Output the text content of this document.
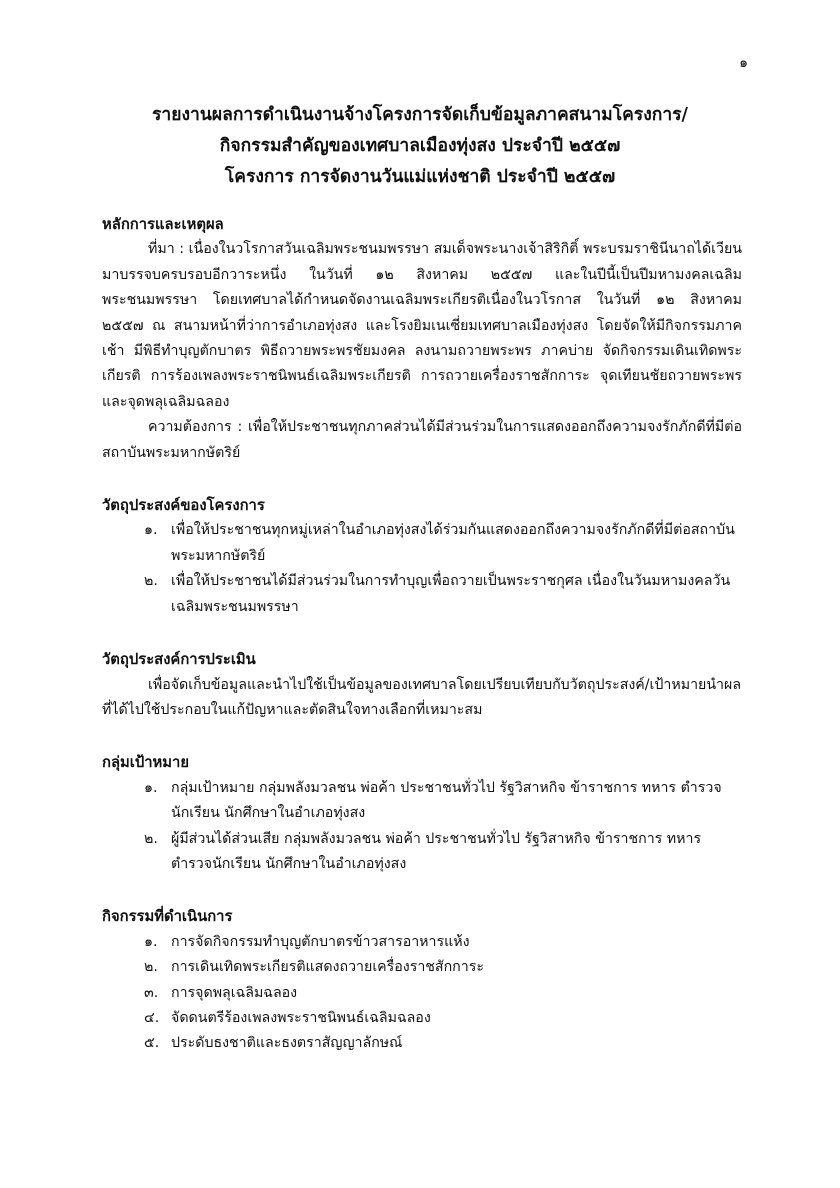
๑
รายงานผลการดำเนินงานจ้างโครงการจัดเก็บข้อมูลภาคสนามโครงการ/
กิจกรรมสำคัญของเทศบาลเมืองทุ่งสง ประจำปี ๒๕๕๗
โครงการ การจัดงานวันแม่แห่งชาติ ประจำปี ๒๕๕๗
หลักการและเหตุผล
ที่มา : เนื่องในวโรกาสวันเฉลิมพระชนมพรรษา สมเด็จพระนางเจ้าสิริกิติ์ พระบรมราชินีนาถได้เวียนมาบรรจบครบรอบอีกวาระหนึ่ง ในวันที่ ๑๒ สิงหาคม ๒๕๕๗ และในปีนี้เป็นปีมหามงคลเฉลิมพระชนมพรรษา โดยเทศบาลได้กำหนดจัดงานเฉลิมพระเกียรติเนื่องในวโรกาส ในวันที่ ๑๒ สิงหาคม ๒๕๕๗ ณ สนามหน้าที่ว่าการอำเภอทุ่งสง และโรงยิมเนเซี่ยมเทศบาลเมืองทุ่งสง โดยจัดให้มีกิจกรรมภาคเช้า มีพิธีทำบุญตักบาตร พิธีถวายพระพรชัยมงคล ลงนามถวายพระพร ภาคบ่าย จัดกิจกรรมเดินเทิดพระเกียรติ การร้องเพลงพระราชนิพนธ์เฉลิมพระเกียรติ การถวายเครื่องราชสักการะ จุดเทียนชัยถวายพระพร และจุดพลุเฉลิมฉลอง
ความต้องการ : เพื่อให้ประชาชนทุกภาคส่วนได้มีส่วนร่วมในการแสดงออกถึงความจงรักภักดีที่มีต่อสถาบันพระมหากษัตริย์
วัตถุประสงค์ของโครงการ
๑. เพื่อให้ประชาชนทุกหมู่เหล่าในอำเภอทุ่งสงได้ร่วมกันแสดงออกถึงความจงรักภักดีที่มีต่อสถาบันพระมหากษัตริย์
๒. เพื่อให้ประชาชนได้มีส่วนร่วมในการทำบุญเพื่อถวายเป็นพระราชกุศล เนื่องในวันมหามงคลวันเฉลิมพระชนมพรรษา
วัตถุประสงค์การประเมิน
เพื่อจัดเก็บข้อมูลและนำไปใช้เป็นข้อมูลของเทศบาลโดยเปรียบเทียบกับวัตถุประสงค์/เป้าหมายนำผลที่ได้ไปใช้ประกอบในแก้ปัญหาและตัดสินใจทางเลือกที่เหมาะสม
กลุ่มเป้าหมาย
๑. กลุ่มเป้าหมาย กลุ่มพลังมวลชน พ่อค้า ประชาชนทั่วไป รัฐวิสาหกิจ ข้าราชการ ทหาร ตำรวจนักเรียน นักศึกษาในอำเภอทุ่งสง
๒. ผู้มีส่วนได้ส่วนเสีย กลุ่มพลังมวลชน พ่อค้า ประชาชนทั่วไป รัฐวิสาหกิจ ข้าราชการ ทหาร ตำรวจนักเรียน นักศึกษาในอำเภอทุ่งสง
กิจกรรมที่ดำเนินการ
๑. การจัดกิจกรรมทำบุญตักบาตรข้าวสารอาหารแห้ง
๒. การเดินเทิดพระเกียรติแสดงถวายเครื่องราชสักการะ
๓. การจุดพลุเฉลิมฉลอง
๔. จัดดนตรีร้องเพลงพระราชนิพนธ์เฉลิมฉลอง
๕. ประดับธงชาติและธงตราสัญญาลักษณ์
